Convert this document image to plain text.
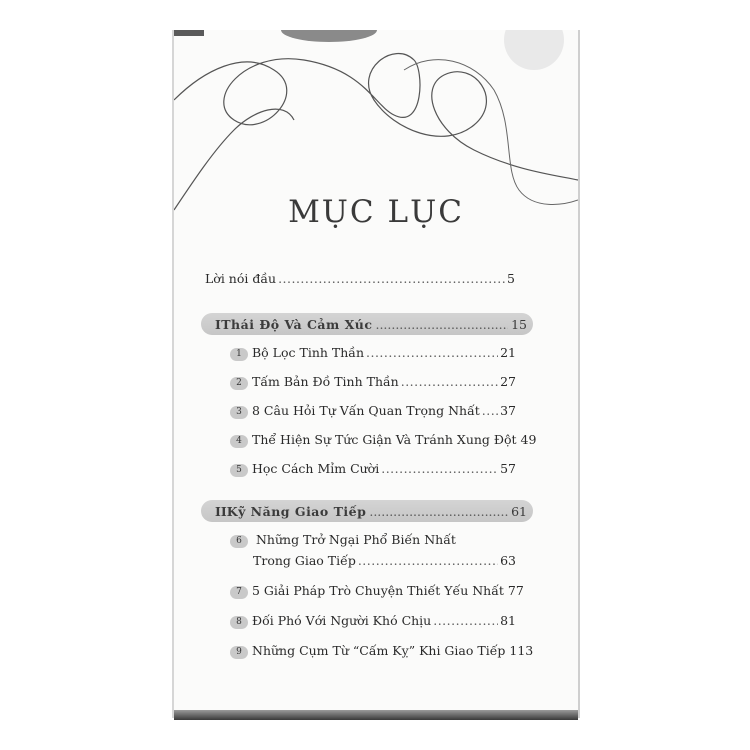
MỤC LỤC
Lời nói đầu .....	5
I Thái Độ Và Cảm Xúc .....	15
1 Bộ Lọc Tinh Thần .....	21
2 Tấm Bản Đồ Tinh Thần .....	27
3 8 Câu Hỏi Tự Vấn Quan Trọng Nhất ..... 37
4 Thể Hiện Sự Tức Giận Và Tránh Xung Đột 49
5 Học Cách Mỉm Cười .....	57
II Kỹ Năng Giao Tiếp .....	61
6 Những Trở Ngại Phổ Biến Nhất
Trong Giao Tiếp .....	63
7 5 Giải Pháp Trò Chuyện Thiết Yếu Nhất 77
8 Đối Phó Với Người Khó Chịu .....	81
9 Những Cụm Từ “Cấm Kỵ” Khi Giao Tiếp 113
